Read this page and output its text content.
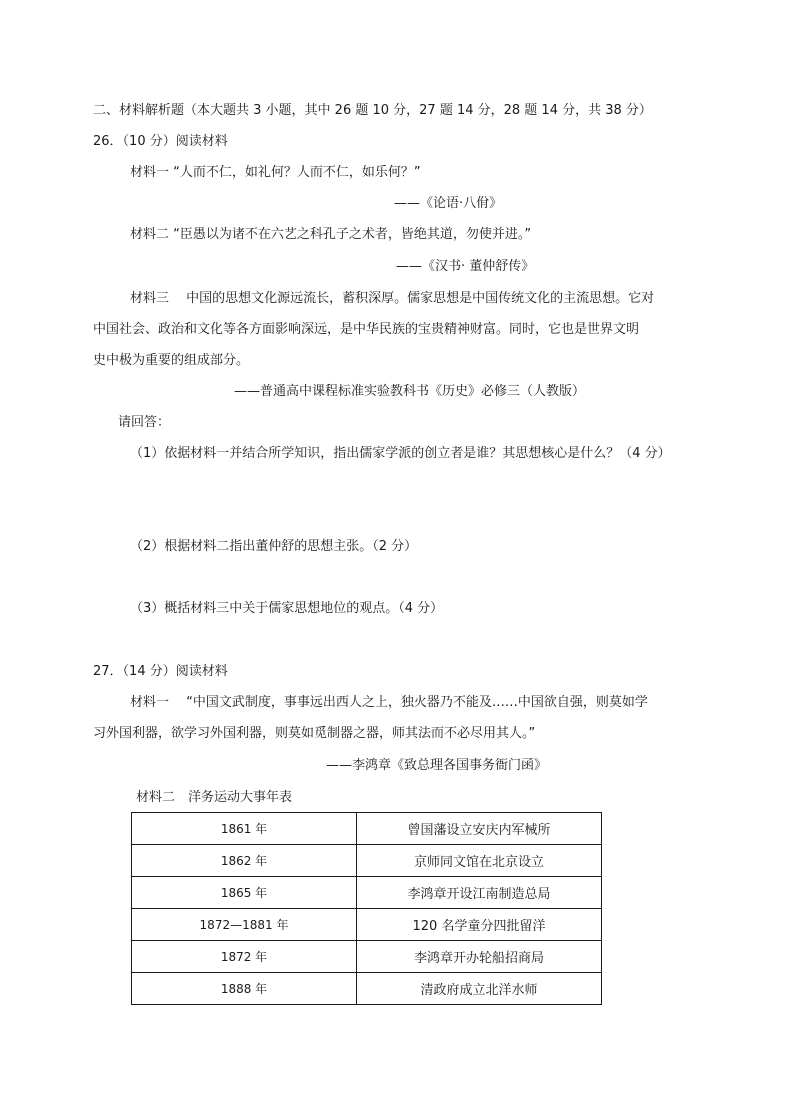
二、材料解析题（本大题共 3 小题，其中 26 题 10 分，27 题 14 分，28 题 14 分，共 38 分）
26．（10 分）阅读材料
材料一 “人而不仁，如礼何？人而不仁，如乐何？”
——《论语·八佾》
材料二 “臣愚以为诸不在六艺之科孔子之术者，皆绝其道，勿使并进。”
——《汉书· 董仲舒传》
材料三　 中国的思想文化源远流长，蓄积深厚。儒家思想是中国传统文化的主流思想。它对
中国社会、政治和文化等各方面影响深远，是中华民族的宝贵精神财富。同时，它也是世界文明
史中极为重要的组成部分。
——普通高中课程标准实验教科书《历史》必修三（人教版）
请回答：
（1）依据材料一并结合所学知识，指出儒家学派的创立者是谁？其思想核心是什么？（4 分）
（2）根据材料二指出董仲舒的思想主张。（2 分）
（3）概括材料三中关于儒家思想地位的观点。（4 分）
27．（14 分）阅读材料
材料一　 “中国文武制度，事事远出西人之上，独火器乃不能及……中国欲自强，则莫如学
习外国利器，欲学习外国利器，则莫如觅制器之器，师其法而不必尽用其人。”
——李鸿章《致总理各国事务衙门函》
材料二　洋务运动大事年表
1861 年	曾国藩设立安庆内军械所
1862 年	京师同文馆在北京设立
1865 年	李鸿章开设江南制造总局
1872—1881 年	120 名学童分四批留洋
1872 年	李鸿章开办轮船招商局
1888 年	清政府成立北洋水师
